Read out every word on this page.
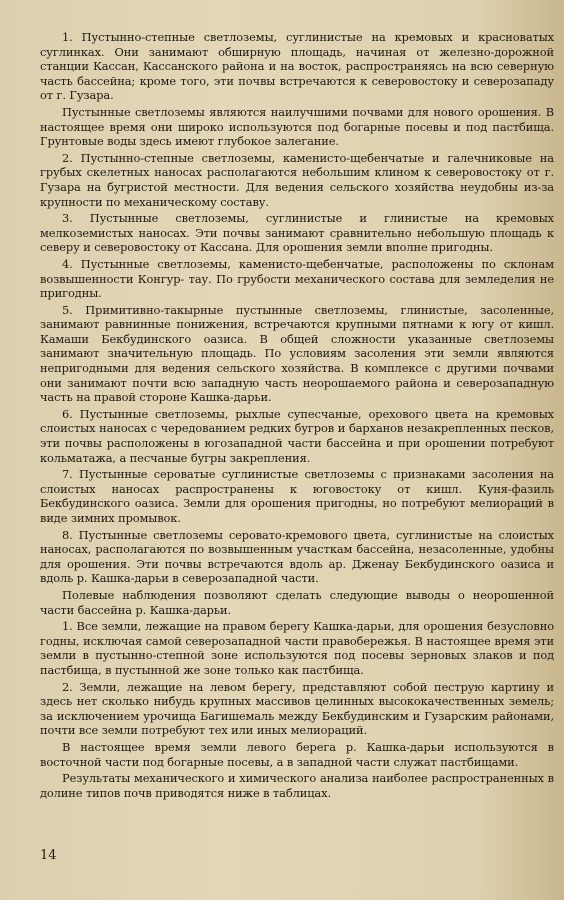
1. Пустынно-степные светлоземы, суглинистые на кремовых и красноватых суглинках. Они занимают обширную площадь, начиная от железно-дорожной станции Кассан, Кассанского района и на восток, распространяясь на всю северную часть бассейна; кроме того, эти почвы встречаются к северовостоку и северозападу от г. Гузара.

Пустынные светлоземы являются наилучшими почвами для нового орошения. В настоящее время они широко используются под богарные посевы и под пастбища. Грунтовые воды здесь имеют глубокое залегание.

2. Пустынно-степные светлоземы, каменисто-щебенчатые и галечниковые на грубых скелетных наносах располагаются небольшим клином к северовостоку от г. Гузара на бугристой местности. Для ведения сельского хозяйства неудобны из-за крупности по механическому составу.

3. Пустынные светлоземы, суглинистые и глинистые на кремовых мелкоземистых наносах. Эти почвы занимают сравнительно небольшую площадь к северу и северовостоку от Кассана. Для орошения земли вполне пригодны.

4. Пустынные светлоземы, каменисто-щебенчатые, расположены по склонам возвышенности Конгур- тау. По грубости механического состава для земледелия не пригодны.

5. Примитивно-такырные пустынные светлоземы, глинистые, засоленные, занимают равнинные понижения, встречаются крупными пятнами к югу от кишл. Камаши Бекбудинского оазиса. В общей сложности указанные светлоземы занимают значительную площадь. По условиям засоления эти земли являются непригодными для ведения сельского хозяйства. В комплексе с другими почвами они занимают почти всю западную часть неорошаемого района и северозападную часть на правой стороне Кашка-дарьи.

6. Пустынные светлоземы, рыхлые супесчаные, орехового цвета на кремовых слоистых наносах с чередованием редких бугров и барханов незакрепленных песков, эти почвы расположены в югозападной части бассейна и при орошении потребуют кольматажа, а песчаные бугры закрепления.

7. Пустынные сероватые суглинистые светлоземы с признаками засоления на слоистых наносах распространены к юговостоку от кишл. Куня-фазиль Бекбудинского оазиса. Земли для орошения пригодны, но потребуют мелиораций в виде зимних промывок.

8. Пустынные светлоземы серовато-кремового цвета, суглинистые на слоистых наносах, располагаются по возвышенным участкам бассейна, незасоленные, удобны для орошения. Эти почвы встречаются вдоль ар. Дженау Бекбудинского оазиса и вдоль р. Кашка-дарьи в северозападной части.

Полевые наблюдения позволяют сделать следующие выводы о неорошенной части бассейна р. Кашка-дарьи.

1. Все земли, лежащие на правом берегу Кашка-дарьи, для орошения безусловно годны, исключая самой северозападной части правобережья. В настоящее время эти земли в пустынно-степной зоне используются под посевы зерновых злаков и под пастбища, в пустынной же зоне только как пастбища.

2. Земли, лежащие на левом берегу, представляют собой пеструю картину и здесь нет сколько нибудь крупных массивов целинных высококачественных земель; за исключением урочища Багишемаль между Бекбудинским и Гузарским районами, почти все земли потребуют тех или иных мелиораций.

В настоящее время земли левого берега р. Кашка-дарьи используются в восточной части под богарные посевы, а в западной части служат пастбищами.

Результаты механического и химического анализа наиболее распространенных в долине типов почв приводятся ниже в таблицах.

14
